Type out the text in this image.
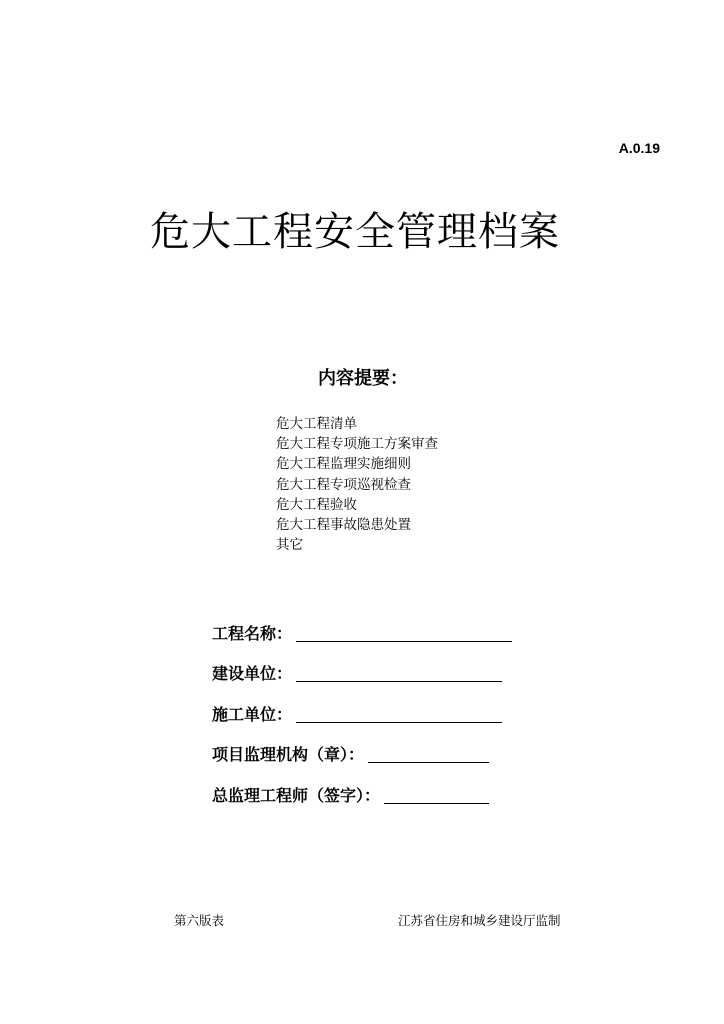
A.0.19
危大工程安全管理档案
内容提要：
危大工程清单
危大工程专项施工方案审查
危大工程监理实施细则
危大工程专项巡视检查
危大工程验收
危大工程事故隐患处置
其它
工程名称：
建设单位：
施工单位：
项目监理机构（章）：
总监理工程师（签字）：
第六版表	江苏省住房和城乡建设厅监制
